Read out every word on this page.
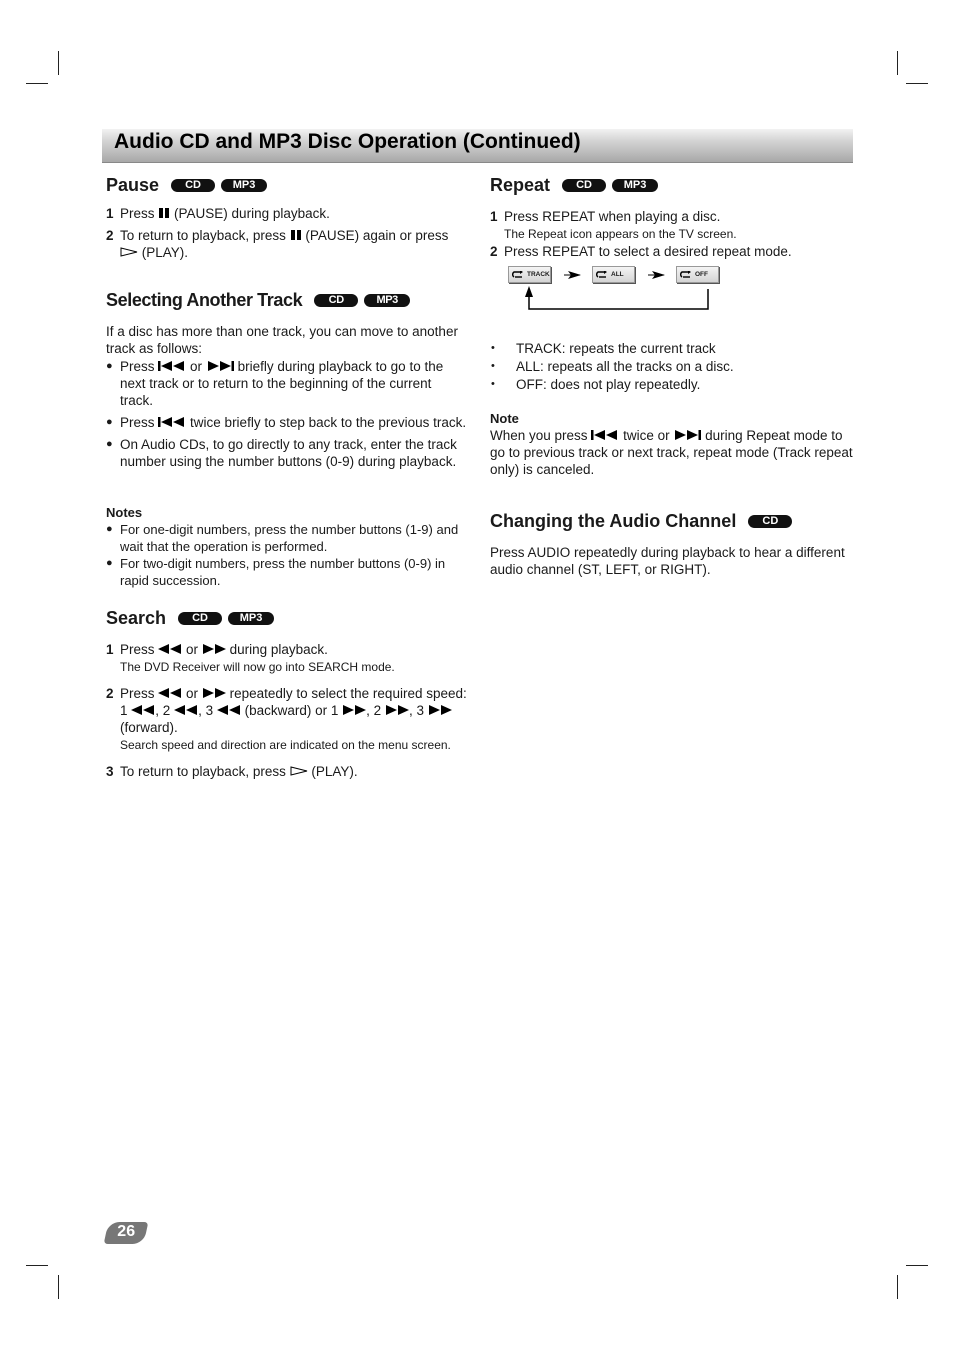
Audio CD and MP3 Disc Operation (Continued)
Pause	CD	MP3

1 Press (PAUSE) during playback.

2 To return to playback, press (PAUSE) again or press  (PLAY).

Selecting Another Track	CD	MP3

If a disc has more than one track, you can move to another track as follows:

● Press	or	briefly during playback to go to the next track or to return to the beginning of the current track.

● Press	twice briefly to step back to the previous track.

● On Audio CDs, to go directly to any track, enter the track number using the number buttons (0-9) during playback.

Notes

● For one-digit numbers, press the number buttons (1-9) and wait that the operation is performed.

● For two-digit numbers, press the number buttons (0-9) in rapid succession.

Search	CD	MP3

1 Press or during playback.
The DVD Receiver will now go into SEARCH mode.

2 Press or repeatedly to select the required speed: 1 , 2 , 3 (backward) or 1 , 2 , 3  (forward).
Search speed and direction are indicated on the menu screen.

3 To return to playback, press (PLAY).

Repeat	CD	MP3

1 Press REPEAT when playing a disc.
The Repeat icon appears on the TV screen.

2 Press REPEAT to select a desired repeat mode.

TRACK	ALL	OFF

• TRACK: repeats the current track

• ALL: repeats all the tracks on a disc.

• OFF: does not play repeatedly.

Note

When you press	twice or	during Repeat mode to go to previous track or next track, repeat mode (Track repeat only) is canceled.

Changing the Audio Channel	CD

Press AUDIO repeatedly during playback to hear a different audio channel (ST, LEFT, or RIGHT).

26
